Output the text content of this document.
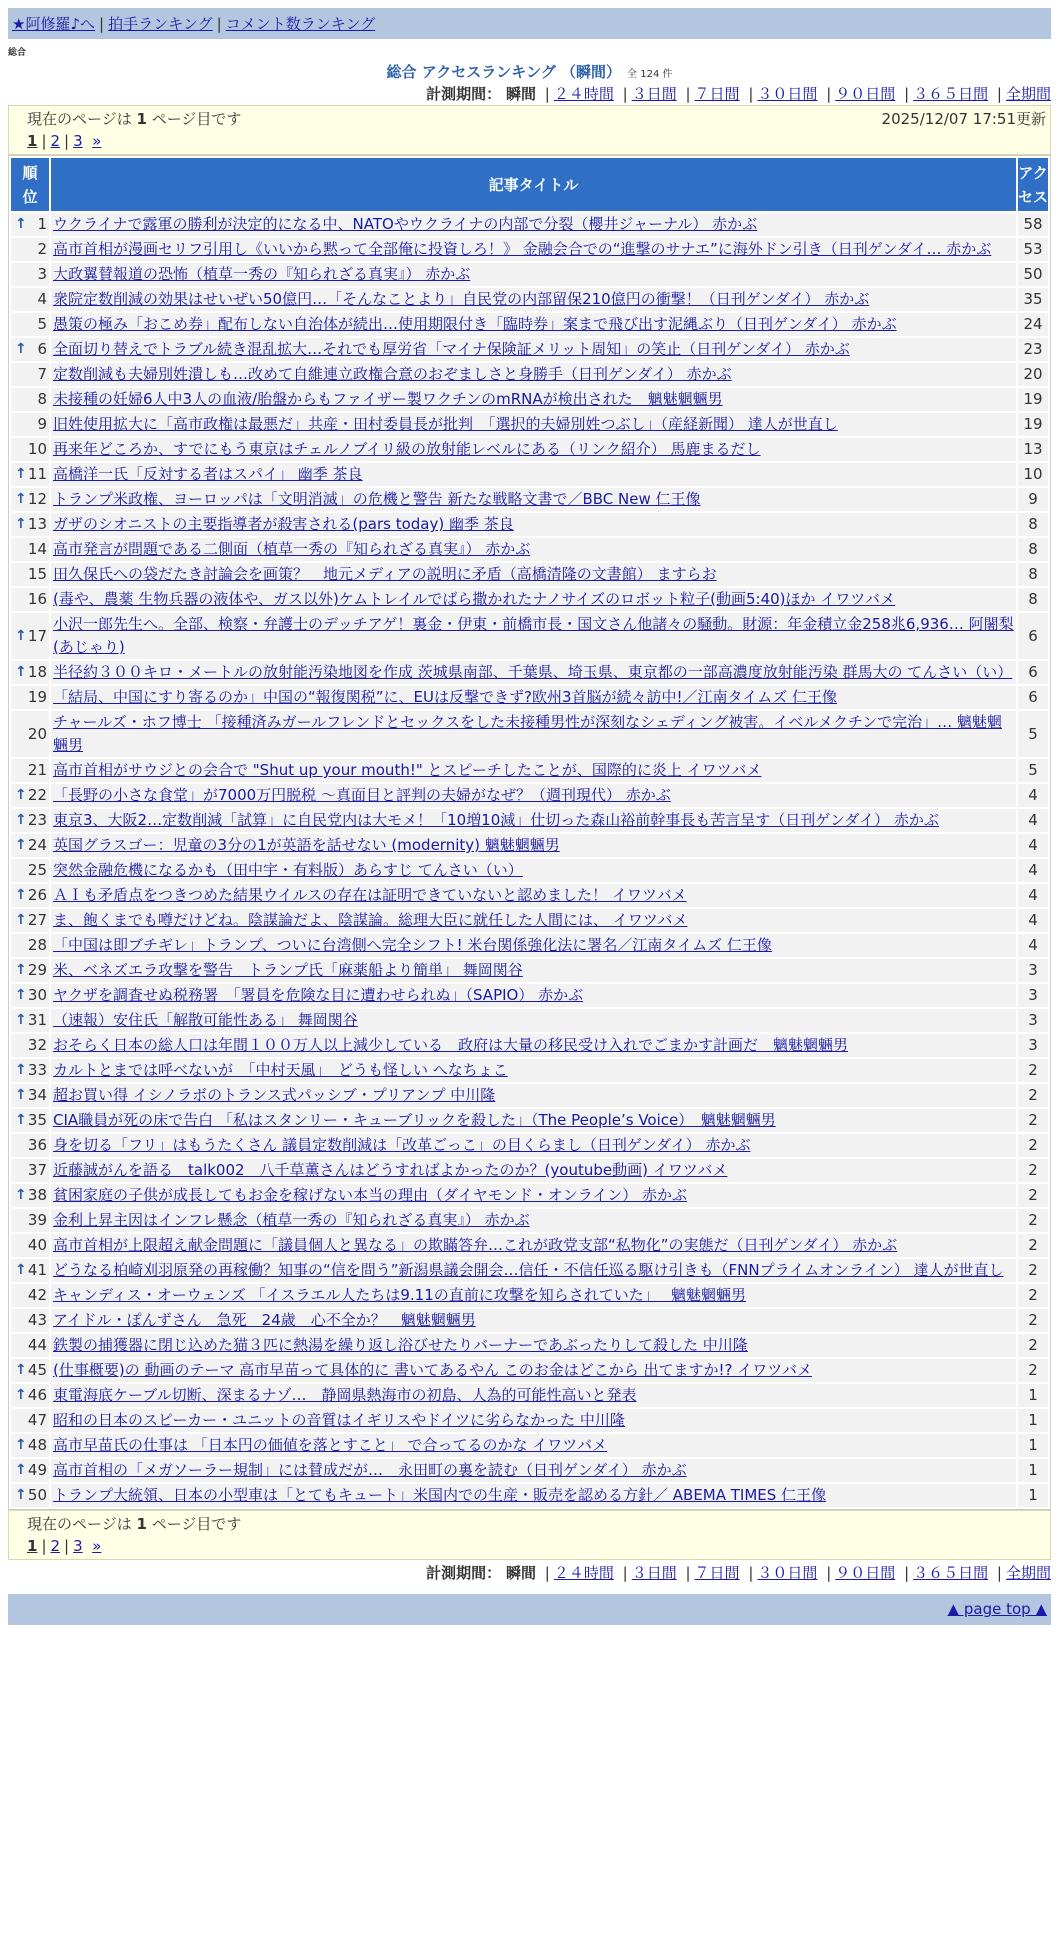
★阿修羅♪へ | 拍手ランキング | コメント数ランキング
総合
総合 アクセスランキング （瞬間） 全 124 件
計測期間： 瞬間 | ２４時間 | ３日間 | ７日間 | ３０日間 | ９０日間 | ３６５日間 | 全期間
現在のページは 1 ページ目です	2025/12/07 17:51更新
1 | 2 | 3 »
順
位	記事タイトル	アク
セス

↑ 1	ウクライナで露軍の勝利が決定的になる中、NATOやウクライナの内部で分裂（櫻井ジャーナル） 赤かぶ	58
2	高市首相が漫画セリフ引用し《いいから黙って全部俺に投資しろ！》 金融会合での“進撃のサナエ”に海外ドン引き（日刊ゲンダイ… 赤かぶ	53
3	大政翼賛報道の恐怖（植草一秀の『知られざる真実』） 赤かぶ	50
4	衆院定数削減の効果はせいぜい50億円…「そんなことより」自民党の内部留保210億円の衝撃！（日刊ゲンダイ） 赤かぶ	35
5	愚策の極み「おこめ券」配布しない自治体が続出…使用期限付き「臨時券」案まで飛び出す泥縄ぶり（日刊ゲンダイ） 赤かぶ	24

↑ 6	全面切り替えでトラブル続き混乱拡大…それでも厚労省「マイナ保険証メリット周知」の笑止（日刊ゲンダイ） 赤かぶ	23
7	定数削減も夫婦別姓潰しも…改めて自維連立政権合意のおぞましさと身勝手（日刊ゲンダイ） 赤かぶ	20
8	未接種の妊婦6人中3人の血液/胎盤からもファイザー製ワクチンのmRNAが検出された　魑魅魍魎男	19
9	旧姓使用拡大に「高市政権は最悪だ」共産・田村委員長が批判　「選択的夫婦別姓つぶし」（産経新聞） 達人が世直し	19
10	再来年どころか、すでにもう東京はチェルノブイリ級の放射能レベルにある（リンク紹介） 馬鹿まるだし	13

↑ 11	高橋洋一氏「反対する者はスパイ」 幽季 茶良	10

↑ 12	トランプ米政権、ヨーロッパは「文明消滅」の危機と警告 新たな戦略文書で／BBC New 仁王像	9

↑ 13	ガザのシオニストの主要指導者が殺害される(pars today) 幽季 茶良	8
14	高市発言が問題である二側面（植草一秀の『知られざる真実』） 赤かぶ	8
15	田久保氏への袋だたき討論会を画策？　地元メディアの説明に矛盾（高橋清隆の文書館） ますらお	8
16	(毒や、農薬 生物兵器の液体や、ガス以外)ケムトレイルでばら撒かれたナノサイズのロボット粒子(動画5:40)ほか イワツバメ	8

↑ 17	小沢一郎先生へ。全部、検察・弁護士のデッチアゲ！裏金・伊東・前橋市長・国文さん他諸々の騒動。財源：年金積立金258兆6,936… 阿闍梨(あじゃり)	6

↑ 18	半径約３００キロ・メートルの放射能汚染地図を作成 茨城県南部、千葉県、埼玉県、東京都の一部高濃度放射能汚染 群馬大の てんさい（い）	6
19	「結局、中国にすり寄るのか」中国の“報復関税”に、EUは反撃できず?欧州3首脳が続々訪中!／江南タイムズ 仁王像	6
20	チャールズ・ホフ博士 「接種済みガールフレンドとセックスをした未接種男性が深刻なシェディング被害。イベルメクチンで完治」… 魑魅魍魎男	5
21	高市首相がサウジとの会合で "Shut up your mouth!" とスピーチしたことが、国際的に炎上 イワツバメ	5

↑ 22	「長野の小さな食堂」が7000万円脱税 ～真面目と評判の夫婦がなぜ？（週刊現代） 赤かぶ	4

↑ 23	東京3、大阪2…定数削減「試算」に自民党内は大モメ！「10増10減」仕切った森山裕前幹事長も苦言呈す（日刊ゲンダイ） 赤かぶ	4

↑ 24	英国グラスゴー：児童の3分の1が英語を話せない (modernity) 魑魅魍魎男	4
25	突然金融危機になるかも（田中宇・有料版）あらすじ てんさい（い）	4

↑ 26	ＡＩも矛盾点をつきつめた結果ウイルスの存在は証明できていないと認めました！ イワツバメ	4

↑ 27	ま、飽くまでも噂だけどね。陰謀論だよ、陰謀論。総理大臣に就任した人間には、 イワツバメ	4
28	「中国は即ブチギレ」トランプ、ついに台湾側へ完全シフト! 米台関係強化法に署名／江南タイムズ 仁王像	4

↑ 29	米、ベネズエラ攻撃を警告　トランプ氏「麻薬船より簡単」 舞岡関谷	3

↑ 30	ヤクザを調査せぬ税務署　「署員を危険な目に遭わせられぬ」（SAPIO） 赤かぶ	3

↑ 31	（速報）安住氏「解散可能性ある」 舞岡関谷	3
32	おそらく日本の総人口は年間１００万人以上減少している　政府は大量の移民受け入れでごまかす計画だ　魑魅魍魎男	3

↑ 33	カルトとまでは呼べないが　「中村天風」　どうも怪しい へなちょこ	2

↑ 34	超お買い得 イシノラボのトランス式パッシブ・プリアンプ 中川隆	2

↑ 35	CIA職員が死の床で告白 「私はスタンリー・キューブリックを殺した」（The People’s Voice）　魑魅魍魎男	2
36	身を切る「フリ」はもうたくさん 議員定数削減は「改革ごっこ」の目くらまし（日刊ゲンダイ） 赤かぶ	2
37	近藤誠がんを語る　talk002　八千草薫さんはどうすればよかったのか？(youtube動画) イワツバメ	2

↑ 38	貧困家庭の子供が成長してもお金を稼げない本当の理由（ダイヤモンド・オンライン） 赤かぶ	2
39	金利上昇主因はインフレ懸念（植草一秀の『知られざる真実』） 赤かぶ	2
40	高市首相が上限超え献金問題に「議員個人と異なる」の欺瞞答弁…これが政党支部“私物化”の実態だ（日刊ゲンダイ） 赤かぶ	2

↑ 41	どうなる柏崎刈羽原発の再稼働？知事の“信を問う”新潟県議会開会…信任・不信任巡る駆け引きも（FNNプライムオンライン） 達人が世直し	2
42	キャンディス・オーウェンズ 「イスラエル人たちは9.11の直前に攻撃を知らされていた」　 魑魅魍魎男	2
43	アイドル・ぽんずさん　急死　24歳　心不全か？　魑魅魍魎男	2
44	鉄製の捕獲器に閉じ込めた猫３匹に熱湯を繰り返し浴びせたりバーナーであぶったりして殺した 中川隆	2

↑ 45	(仕事概要)の 動画のテーマ 高市早苗って具体的に 書いてあるやん このお金はどこから 出てますか!? イワツバメ	2

↑ 46	東電海底ケーブル切断、深まるナゾ…　静岡県熱海市の初島、人為的可能性高いと発表	1
47	昭和の日本のスピーカー・ユニットの音質はイギリスやドイツに劣らなかった 中川隆	1

↑ 48	高市早苗氏の仕事は 「日本円の価値を落とすこと」 で合ってるのかな イワツバメ	1

↑ 49	高市首相の「メガソーラー規制」には賛成だが…　永田町の裏を読む（日刊ゲンダイ） 赤かぶ	1

↑ 50	トランプ大統領、日本の小型車は「とてもキュート」米国内での生産・販売を認める方針／ ABEMA TIMES 仁王像	1
現在のページは 1 ページ目です
1 | 2 | 3 »
計測期間： 瞬間 | ２４時間 | ３日間 | ７日間 | ３０日間 | ９０日間 | ３６５日間 | 全期間
▲ page top ▲
